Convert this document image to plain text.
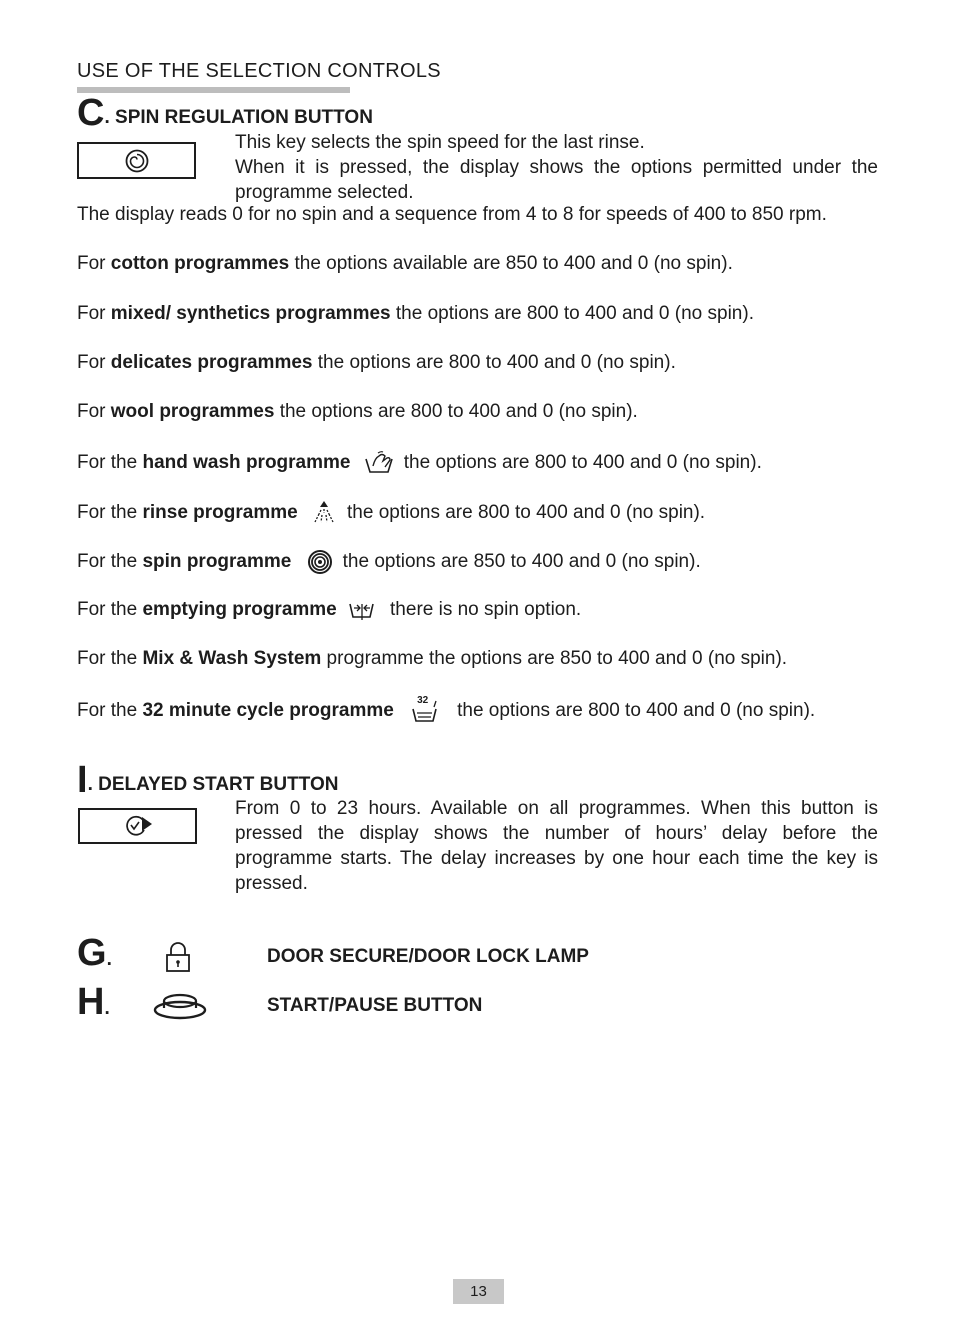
USE OF THE SELECTION CONTROLS
C. SPIN REGULATION BUTTON
This key selects the spin speed for the last rinse.
When it is pressed, the display shows the options permitted under the programme selected.
The display reads 0 for no spin and a sequence from 4 to 8 for speeds of 400 to 850 rpm.
For cotton programmes the options available are 850 to 400 and 0 (no spin).
For mixed/ synthetics programmes the options are 800 to 400 and 0 (no spin).
For delicates programmes the options are 800 to 400 and 0 (no spin).
For wool programmes the options are 800 to 400 and 0 (no spin).
For the hand wash programme	the options are 800 to 400 and 0 (no spin).
For the rinse programme	the options are 800 to 400 and 0 (no spin).
For the spin programme	the options are 850 to 400 and 0 (no spin).
For the emptying programme	there is no spin option.
For the Mix & Wash System programme the options are 850 to 400 and 0 (no spin).
For the 32 minute cycle programme 32 the options are 800 to 400 and 0 (no spin).
I. DELAYED START BUTTON
From 0 to 23 hours. Available on all programmes. When this button is pressed the display shows the number of hours’ delay before the programme starts. The delay increases by one hour each time the key is pressed.
G.	DOOR SECURE/DOOR LOCK LAMP
H.	START/PAUSE BUTTON
13
